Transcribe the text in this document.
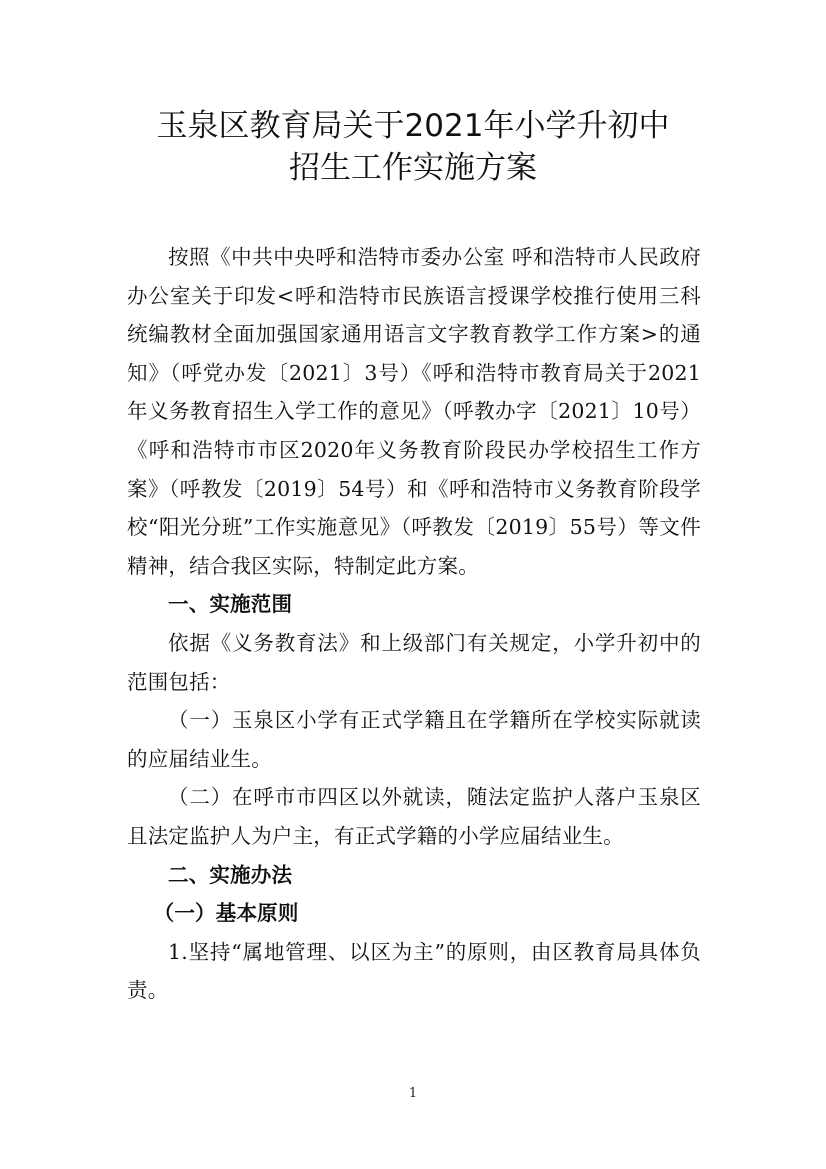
玉泉区教育局关于2021年小学升初中
招生工作实施方案

按照《中共中央呼和浩特市委办公室 呼和浩特市人民政府办公室关于印发<呼和浩特市民族语言授课学校推行使用三科统编教材全面加强国家通用语言文字教育教学工作方案>的通知》（呼党办发〔2021〕3号）《呼和浩特市教育局关于2021年义务教育招生入学工作的意见》（呼教办字〔2021〕10号）《呼和浩特市市区2020年义务教育阶段民办学校招生工作方案》（呼教发〔2019〕54号）和《呼和浩特市义务教育阶段学校“阳光分班”工作实施意见》（呼教发〔2019〕55号）等文件精神，结合我区实际，特制定此方案。

一、实施范围

依据《义务教育法》和上级部门有关规定，小学升初中的范围包括：

（一）玉泉区小学有正式学籍且在学籍所在学校实际就读的应届结业生。

（二）在呼市市四区以外就读，随法定监护人落户玉泉区且法定监护人为户主，有正式学籍的小学应届结业生。

二、实施办法
（一）基本原则

1.坚持“属地管理、以区为主”的原则，由区教育局具体负责。

1
